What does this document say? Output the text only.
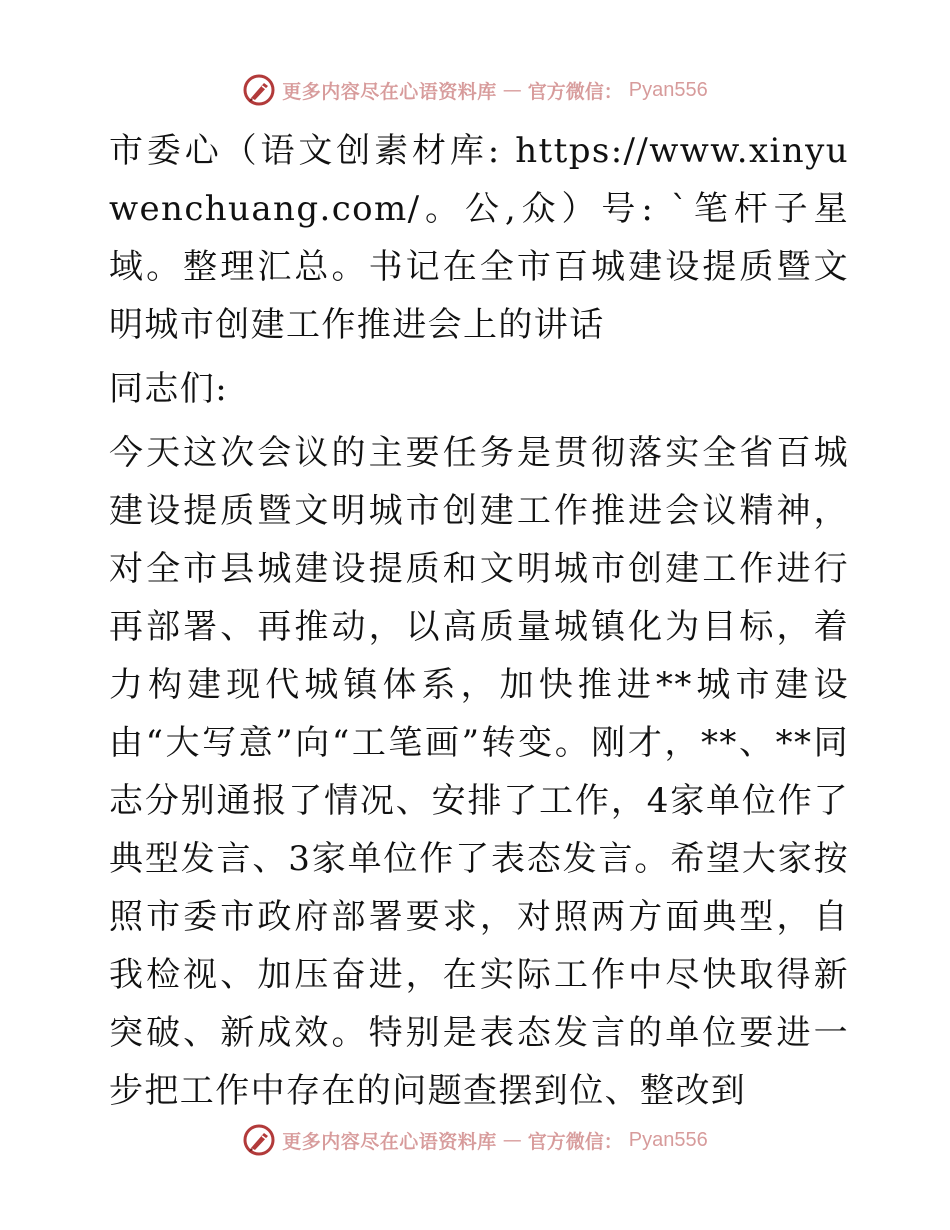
更多内容尽在心语资料库 — 官方微信： Pyan556

市委心（语文创素材库: https://www.xinyuwenchuang.com/。公,众）号: `笔杆子星域。整理汇总。书记在全市百城建设提质暨文明城市创建工作推进会上的讲话

同志们:

今天这次会议的主要任务是贯彻落实全省百城建设提质暨文明城市创建工作推进会议精神，对全市县城建设提质和文明城市创建工作进行再部署、再推动，以高质量城镇化为目标，着力构建现代城镇体系，加快推进**城市建设由“大写意”向“工笔画”转变。刚才，**、**同志分别通报了情况、安排了工作，4家单位作了典型发言、3家单位作了表态发言。希望大家按照市委市政府部署要求，对照两方面典型，自我检视、加压奋进，在实际工作中尽快取得新突破、新成效。特别是表态发言的单位要进一步把工作中存在的问题查摆到位、整改到

更多内容尽在心语资料库 — 官方微信： Pyan556
